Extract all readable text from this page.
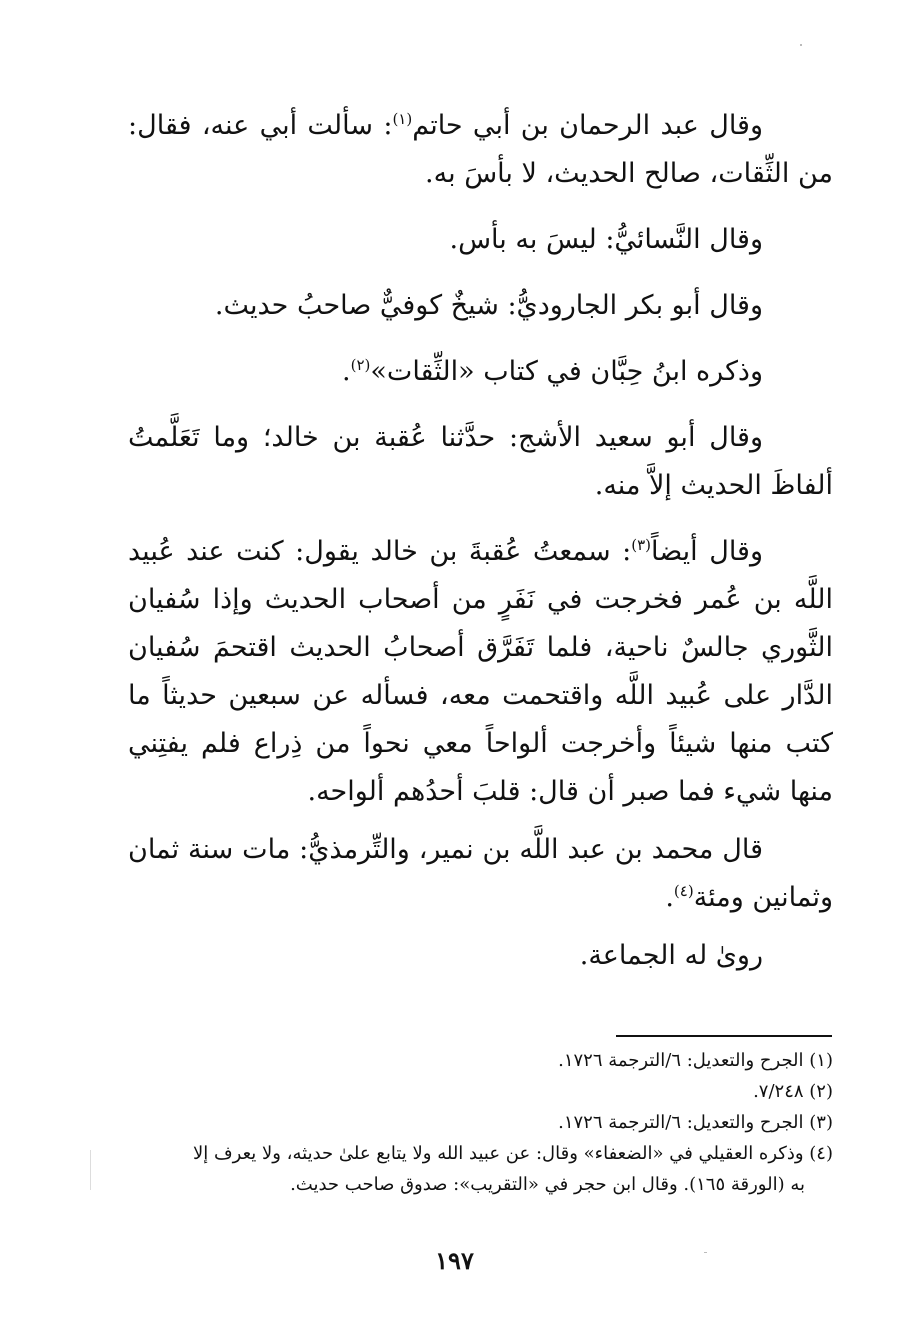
وقال عبد الرحمان بن أبي حاتم$^{(١)}$: سألت أبي عنه، فقال: من الثِّقات، صالح الحديث، لا بأسَ به.

وقال النَّسائيُّ: ليسَ به بأس.

وقال أبو بكر الجاروديُّ: شيخٌ كوفيٌّ صاحبُ حديث.

وذكره ابنُ حِبَّان في كتاب «الثِّقات»$^{(٢)}$.

وقال أبو سعيد الأشج: حدَّثنا عُقبة بن خالد؛ وما تَعَلَّمتُ ألفاظَ الحديث إلاَّ منه.

وقال أيضاً$^{(٣)}$: سمعتُ عُقبةَ بن خالد يقول: كنت عند عُبيد اللَّه بن عُمر فخرجت في نَفَرٍ من أصحاب الحديث وإذا سُفيان الثَّوري جالسٌ ناحية، فلما تَفَرَّق أصحابُ الحديث اقتحمَ سُفيان الدَّار على عُبيد اللَّه واقتحمت معه، فسأله عن سبعين حديثاً ما كتب منها شيئاً وأخرجت ألواحاً معي نحواً من ذِراع فلم يفتِني منها شيء فما صبر أن قال: قلبَ أحدُهم ألواحه.

قال محمد بن عبد اللَّه بن نمير، والتِّرمذيُّ: مات سنة ثمان وثمانين ومئة$^{(٤)}$.

روىٰ له الجماعة.

(١) الجرح والتعديل: ٦/الترجمة ١٧٢٦.

(٢) ٧/٢٤٨.

(٣) الجرح والتعديل: ٦/الترجمة ١٧٢٦.

(٤) وذكره العقيلي في «الضعفاء» وقال: عن عبيد الله ولا يتابع علىٰ حديثه، ولا يعرف إلا

به (الورقة ١٦٥). وقال ابن حجر في «التقريب»: صدوق صاحب حديث.

١٩٧
